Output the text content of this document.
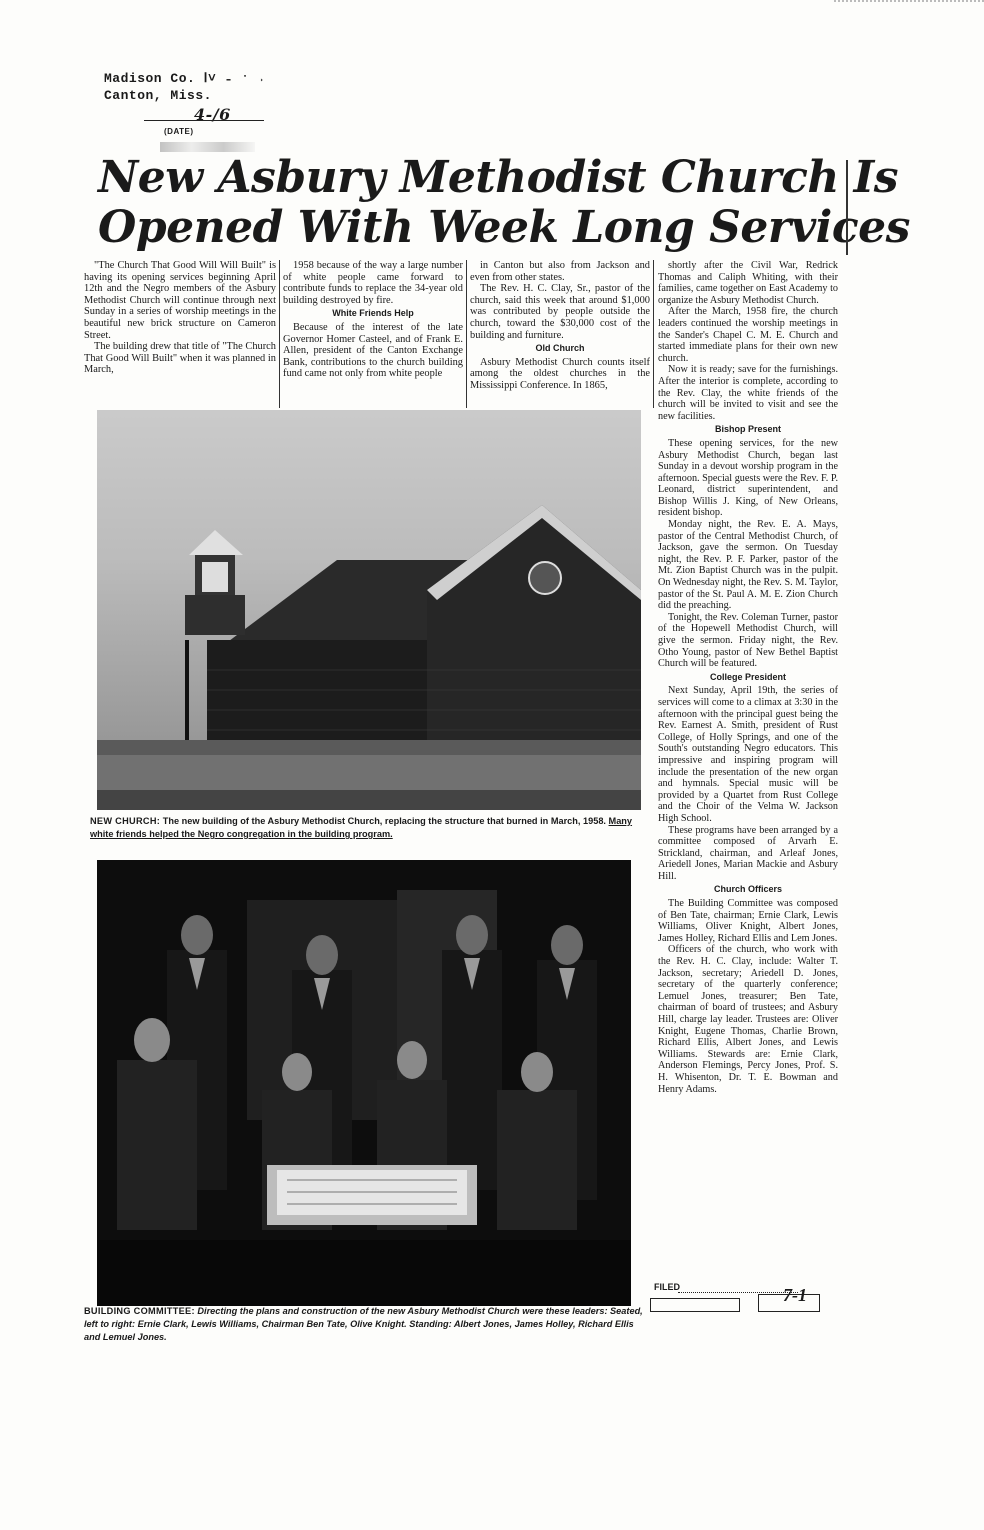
Madison Co. Ⅰ˅ ˗ ˑ ˒
Canton, Miss.
4-⁠⁠⁠⁠⁠/6
(DATE)
New Asbury Methodist Church Is
Opened With Week Long Services

"The Church That Good Will Will Built" is having its opening services beginning April 12th and the Negro members of the Asbury Methodist Church will continue through next Sunday in a series of worship meetings in the beautiful new brick structure on Cameron Street.

The building drew that title of "The Church That Good Will Built" when it was planned in March,

1958 because of the way a large number of white people came forward to contribute funds to replace the 34-year old building destroyed by fire.

White Friends Help

Because of the interest of the late Governor Homer Casteel, and of Frank E. Allen, president of the Canton Exchange Bank, contributions to the church building fund came not only from white people

in Canton but also from Jackson and even from other states.

The Rev. H. C. Clay, Sr., pastor of the church, said this week that around $1,000 was contributed by people outside the church, toward the $30,000 cost of the building and furniture.

Old Church

Asbury Methodist Church counts itself among the oldest churches in the Mississippi Conference. In 1865,

shortly after the Civil War, Redrick Thomas and Caliph Whiting, with their families, came together on East Academy to organize the Asbury Methodist Church.

After the March, 1958 fire, the church leaders continued the worship meetings in the Sander's Chapel C. M. E. Church and started immediate plans for their own new church.

Now it is ready; save for the furnishings. After the interior is complete, according to the Rev. Clay, the white friends of the church will be invited to visit and see the new facilities.

Bishop Present

These opening services, for the new Asbury Methodist Church, began last Sunday in a devout worship program in the afternoon. Special guests were the Rev. F. P. Leonard, district superintendent, and Bishop Willis J. King, of New Orleans, resident bishop.

Monday night, the Rev. E. A. Mays, pastor of the Central Methodist Church, of Jackson, gave the sermon. On Tuesday night, the Rev. P. F. Parker, pastor of the Mt. Zion Baptist Church was in the pulpit. On Wednesday night, the Rev. S. M. Taylor, pastor of the St. Paul A. M. E. Zion Church did the preaching.

Tonight, the Rev. Coleman Turner, pastor of the Hopewell Methodist Church, will give the sermon. Friday night, the Rev. Otho Young, pastor of New Bethel Baptist Church will be featured.

College President

Next Sunday, April 19th, the series of services will come to a climax at 3:30 in the afternoon with the principal guest being the Rev. Earnest A. Smith, president of Rust College, of Holly Springs, and one of the South's outstanding Negro educators. This impressive and inspiring program will include the presentation of the new organ and hymnals. Special music will be provided by a Quartet from Rust College and the Choir of the Velma W. Jackson High School.

These programs have been arranged by a committee composed of Arvarh E. Strickland, chairman, and Arleaf Jones, Ariedell Jones, Marian Mackie and Asbury Hill.

Church Officers

The Building Committee was composed of Ben Tate, chairman; Ernie Clark, Lewis Williams, Oliver Knight, Albert Jones, James Holley, Richard Ellis and Lem Jones.

Officers of the church, who work with the Rev. H. C. Clay, include: Walter T. Jackson, secretary; Ariedell D. Jones, secretary of the quarterly conference; Lemuel Jones, treasurer; Ben Tate, chairman of board of trustees; and Asbury Hill, charge lay leader. Trustees are: Oliver Knight, Eugene Thomas, Charlie Brown, Richard Ellis, Albert Jones, and Lewis Williams. Stewards are: Ernie Clark, Anderson Flemings, Percy Jones, Prof. S. H. Whisenton, Dr. T. E. Bowman and Henry Adams.

NEW CHURCH: The new building of the Asbury Methodist Church, replacing the structure that burned in March, 1958. Many white friends helped the Negro congregation in the building program.
BUILDING COMMITTEE: Directing the plans and construction of the new Asbury Methodist Church were these leaders: Seated, left to right: Ernie Clark, Lewis Williams, Chairman Ben Tate, Olive Knight. Standing: Albert Jones, James Holley, Richard Ellis and Lemuel Jones.
FILED	7-1
